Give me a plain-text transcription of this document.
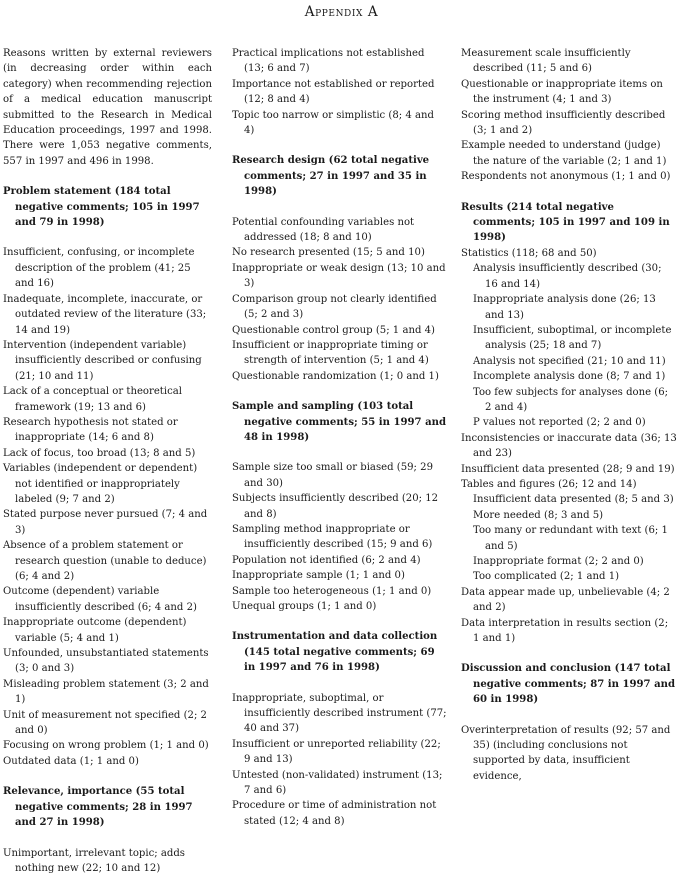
Appendix A

Reasons written by external reviewers (in decreasing order within each category) when recommending rejection of a medical education manuscript submitted to the Research in Medical Education proceedings, 1997 and 1998. There were 1,053 negative comments, 557 in 1997 and 496 in 1998.

Problem statement (184 total negative comments; 105 in 1997 and 79 in 1998)

Insufficient, confusing, or incomplete description of the problem (41; 25 and 16)

Inadequate, incomplete, inaccurate, or outdated review of the literature (33; 14 and 19)

Intervention (independent variable) insufficiently described or confusing (21; 10 and 11)

Lack of a conceptual or theoretical framework (19; 13 and 6)

Research hypothesis not stated or inappropriate (14; 6 and 8)

Lack of focus, too broad (13; 8 and 5)

Variables (independent or dependent) not identified or inappropriately labeled (9; 7 and 2)

Stated purpose never pursued (7; 4 and 3)

Absence of a problem statement or research question (unable to deduce) (6; 4 and 2)

Outcome (dependent) variable insufficiently described (6; 4 and 2)

Inappropriate outcome (dependent) variable (5; 4 and 1)

Unfounded, unsubstantiated statements (3; 0 and 3)

Misleading problem statement (3; 2 and 1)

Unit of measurement not specified (2; 2 and 0)

Focusing on wrong problem (1; 1 and 0)

Outdated data (1; 1 and 0)

Relevance, importance (55 total negative comments; 28 in 1997 and 27 in 1998)

Unimportant, irrelevant topic; adds nothing new (22; 10 and 12)

Practical implications not established (13; 6 and 7)

Importance not established or reported (12; 8 and 4)

Topic too narrow or simplistic (8; 4 and 4)

Research design (62 total negative comments; 27 in 1997 and 35 in 1998)

Potential confounding variables not addressed (18; 8 and 10)

No research presented (15; 5 and 10)

Inappropriate or weak design (13; 10 and 3)

Comparison group not clearly identified (5; 2 and 3)

Questionable control group (5; 1 and 4)

Insufficient or inappropriate timing or strength of intervention (5; 1 and 4)

Questionable randomization (1; 0 and 1)

Sample and sampling (103 total negative comments; 55 in 1997 and 48 in 1998)

Sample size too small or biased (59; 29 and 30)

Subjects insufficiently described (20; 12 and 8)

Sampling method inappropriate or insufficiently described (15; 9 and 6)

Population not identified (6; 2 and 4)

Inappropriate sample (1; 1 and 0)

Sample too heterogeneous (1; 1 and 0)

Unequal groups (1; 1 and 0)

Instrumentation and data collection (145 total negative comments; 69 in 1997 and 76 in 1998)

Inappropriate, suboptimal, or insufficiently described instrument (77; 40 and 37)

Insufficient or unreported reliability (22; 9 and 13)

Untested (non-validated) instrument (13; 7 and 6)

Procedure or time of administration not stated (12; 4 and 8)

Measurement scale insufficiently described (11; 5 and 6)

Questionable or inappropriate items on the instrument (4; 1 and 3)

Scoring method insufficiently described (3; 1 and 2)

Example needed to understand (judge) the nature of the variable (2; 1 and 1)

Respondents not anonymous (1; 1 and 0)

Results (214 total negative comments; 105 in 1997 and 109 in 1998)

Statistics (118; 68 and 50)

Analysis insufficiently described (30; 16 and 14)

Inappropriate analysis done (26; 13 and 13)

Insufficient, suboptimal, or incomplete analysis (25; 18 and 7)

Analysis not specified (21; 10 and 11)

Incomplete analysis done (8; 7 and 1)

Too few subjects for analyses done (6; 2 and 4)

P values not reported (2; 2 and 0)

Inconsistencies or inaccurate data (36; 13 and 23)

Insufficient data presented (28; 9 and 19)

Tables and figures (26; 12 and 14)

Insufficient data presented (8; 5 and 3)

More needed (8; 3 and 5)

Too many or redundant with text (6; 1 and 5)

Inappropriate format (2; 2 and 0)

Too complicated (2; 1 and 1)

Data appear made up, unbelievable (4; 2 and 2)

Data interpretation in results section (2; 1 and 1)

Discussion and conclusion (147 total negative comments; 87 in 1997 and 60 in 1998)

Overinterpretation of results (92; 57 and 35) (including conclusions not supported by data, insufficient evidence,
